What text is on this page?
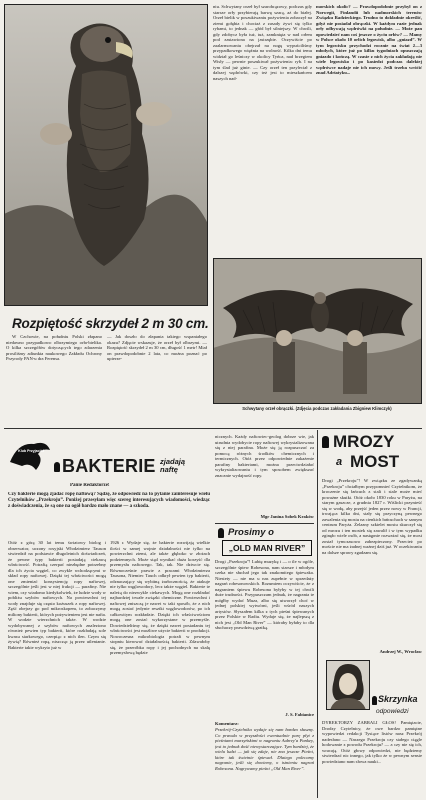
Rozpiętość skrzydeł 2 m 30 cm.
W Czchowie, na południu Polski złapano niedawno przypadkowo olbrzymiego orła-bielika. O kilka szczegółów dotyczących tego zdarzenia prosiliśmy adiunkta naukowego Zakładu Ochrony Przyrody PAN-u dra Ferensa.
— Jak doszło do złapania takiego wspaniałego okazu? Zdjęcie wskazuje, że orzeł był olbrzymi. — Rozpiętość skrzydeł 2 m 30 cm, długość 1 metr! Miał on prawdopodobnie 2 lata, co można poznać po upierze-
niu. Schwytany orzeł był szarobrązowy, podczas gdy starsze orły przybierają barwę szarą, aż do białej. Orzeł bielik w poszukiwaniu pożywienia zobaczył na ziemi gołębia i chociaż z zasady żywi się tylko rybami, to jednak — głód był silniejszy. W chwili, gdy zdobycz była tuż, tuż, zamknięta w nad orłem pod zastawiona na jastrzębie. Oczywiście po zaalarmowaniu obejrzał na nogę wypuściliśmy przypadkowego więźnia na wolność. Kilka dni temu widział go leśniczy w okolicy Tyńca, nad brzegiem Wisły — pewnie poszukiwał pożywienia: ryb. I na tym ślad już ginie. — Czy orzeł ten przyleciał z dalszej wędrówki, czy też jest to mieszkańcem naszych nad-
morskich okolic? — Prawdopodobnie przybył on z Norwegii, Finlandii lub nadmorskich terenów Związku Radzieckiego. Trudno to dokładnie określić, gdyż nie posiadał obrączki. W każdym razie jednak orły odbywają wędrówki na południe. — Może pan opowiedzieć nam coś jeszcze o życiu orłów? — Mamy w Polsce około 10 orlich legowisk, albo „gniazd”. W tym legowisku przychodzi rocznie na świat 2—3 młodych, które już po kilku tygodniach opuszczają gniazdo i kończą. W czasie z nich życia zakładają nie wiele legowisko i po kasiedzi podczas dalekiej wędrówce nadaje nie ich mowy. Jeśli trzeba wróćić znad Adriatyku...
Schwytany orzeł obrączki. (Zdjęcia podczas zakładania Zbigniew Klimczyk)
Klub Przyjaciół
BAKTERIE zjadają naftę
Panie Redaktorze!
Czy bakterie mogą zjadać ropę naftową? Sądzę, że odpowiedź na to pytanie zainteresuje wielu Czytelników „Przekroju”. Poniżej przesyłam więc szereg interesujących wiadomości, wiedząc z doświadczenia, że są one na ogół bardzo mało znane — a szkoda.
Otóż z górą 30 lat temu światowy biolog i obserwator, uczony rosyjski Włodzimierz Tauson stwierdził na podstawie długoletnich doświadczeń, że pewne typy bakterii posiadają ciekawą właściwość. Potrafią czerpać niezbędne potrzebny dla ich życia węgiel, co zwykle wchodzącymi w skład ropy naftowej. Dzięki tej właściwości mogą one zmieniać konsystencję ropy naftowej, szczególnie jeśli jest w niej frakcji — parafiny. Nie wiem, czy wiadomo kiedykolwiek, że ludzie wody w pobliżu szybów naftowych. Na powierzchni tej wody znajduje się często kożuszek z ropy naftowej. Zęść obejrzy go pod mikroskopem, to zobaczymy miliony bakterii, których pożywieniem jest nie nafta. W wodzie wierzchnich także. W wodzie wydobywanej z szybów naftowych znaleziono również pewien typ bakterii, które rozkładają sole kwasu siarkowego, czerpiąc z nich tlen. Czym się żywią? Również ropą, niszcząc ją przez utlenianie. Bakterie takie wykryto już w
1926 r. Wydaje się, że bakterie rozwijają wielkie ilości w samej wojnie działalności nie tylko na powierzchni ziemi, ale także głęboko w złożach podziemnych. Może stąd wynikać duża korzyść dla przemysłu naftowego. Tak, tak. Nie dziwcie się. Równocześnie prawie z pracami Włodzimierza Tausona, Niemiec Tauch odkrył pewien typ bakterii, odznaczający się wybitną żarłocznością, że atakuje nie tylko węglowodory, lecz także węgiel. Bakterie te należą do niezwykle ciekawych. Mogą one rozkładać najbardziej trwałe związki chemiczne. Powierzchni i naftowej zniszczą je nawet w taki sposób, że z nich mogą zostać jedynie resztki węglowodorów, po ich całkowitym rozkładzie. Dzięki ich właściwościom mogą one zostać wykorzystane w przemyśle. Dowiedzieliśmy się, że dzięki nawet posiadaniu tej właściwości jest możliwe użycie bakterii w produkcji. Nowoczesna mikrobiologia potrafi w pewnym stopniu kierować działalnością bakterii. Zdawałoby się, że przeróbka ropy i jej pochodnych na skalę przemysłową będzie
nicznych. Każdy naftowiec-geolog dobrze wie, jak utrudnia wydobycie ropy naftowej wykrystalizowana się z niej parafina. Może się ją rozpuszczać za pomocą różnych środków chemicznych i termicznych. Otóż przez odpowiednie zakażenie parafiny bakteriami, można przeciwdziałać wykrystalizowaniu i tym sposobem zwiększać znacznie wydajność ropy.
Mgr Janina Sobek Kraków
Prosimy o
„OLD MAN RIVER”
Drogi „Przekroju”! Lubię muzykę i — o ile w ogóle, szczególnie śpiew Robesona, nam starsze i młodym czeka nie słuchał jego tak znakomitego śpiewaka. Niestety — nie ma u nas zupełnie w sprzedaży nagrań robesonowskich. Rozumiem oczywiście, że z nagraniem śpiewu Robesona byłyby w tej chwili duże trudności. Przypuszczam jednak, że nagrania te mógłby wydać Muza, albo się utworzył choć w jednej polskiej wytwórni, jeśli wśród naszych artystów. Słyszałem kilka z tych pieśni śpiewanych przez Polskie w Radiu. Wydaje się, że najlepszą z nich jest „Old Man River” — któraby byłaby to dla słuchaczy prawdziwą gratką.
J. S. Fabianice
Komentarz:
Przekrój-Czytelnika wydaje się nam bardzo słuszny. Co prawda w przyszłości ewentualnie parę płyt z pieśniami murzyńskimi w nagraniu Aubrey'a Pankey, jest to jednak dość niewystarczające. Tym bardziej, że wielu ludzi — jak się zdaje, nie zna jeszcze Pieśni, które tak świetnie śpiewał. Dlatego polecamy nagranie, jeśli się dowiemy, o istnieniu nagrań Robesona. Nagrywamy pieśni „Old Man River”.
MROZY
a MOST
Drogi „Przekroju”! W związku ze zgadywanką „Przekroju” chciałbym przypomnieć Czytelnikom, że kroczenie się łańcuch z stali i stale może mieć poważne skutki. Otóż około 1830 roku w Paryżu, na starym gaszcze, z grudnia 1827 r. Wiślicki przynieść się w wodę, aby przejść jeden przez nowy w Francji, trwająca kilka dni, stały się przyczyną pewnego zawalenia się mostu na cienkich łańcuchach w samym centrum Paryża. Żelazny szkielet mostu skurczył się od mrozu i ten mostek się zawalił i w tym wypadku zginęło wiele osób, a następnie rozważać się, że most został tymczasowo zabezpieczony. Przecież po moście nie ma żadnej ważnej dziś już. W oczekiwaniu na dalsze sprawy zgadzam się.
Andrzej W., Wrocław
Skrzynka
odpowiedzi
DYREKTORZY ZABRALI GŁOS! Pamiętacie, Drodzy Czytelnicy, że owe bardzo pamiętne wypowiedzi redakcji Tysiące listów nasz Przekrój nadesłano — Naszego Przekroju czy stałego ciągle hodowanie z powodu Przekroju? — a czy nie się ich, wracają. Otóż głowy odpowiedzi, nie będziemy stwierdzać nic innego, jak tylko że w pewnym sensie powiedziano nam słowa nauki...
